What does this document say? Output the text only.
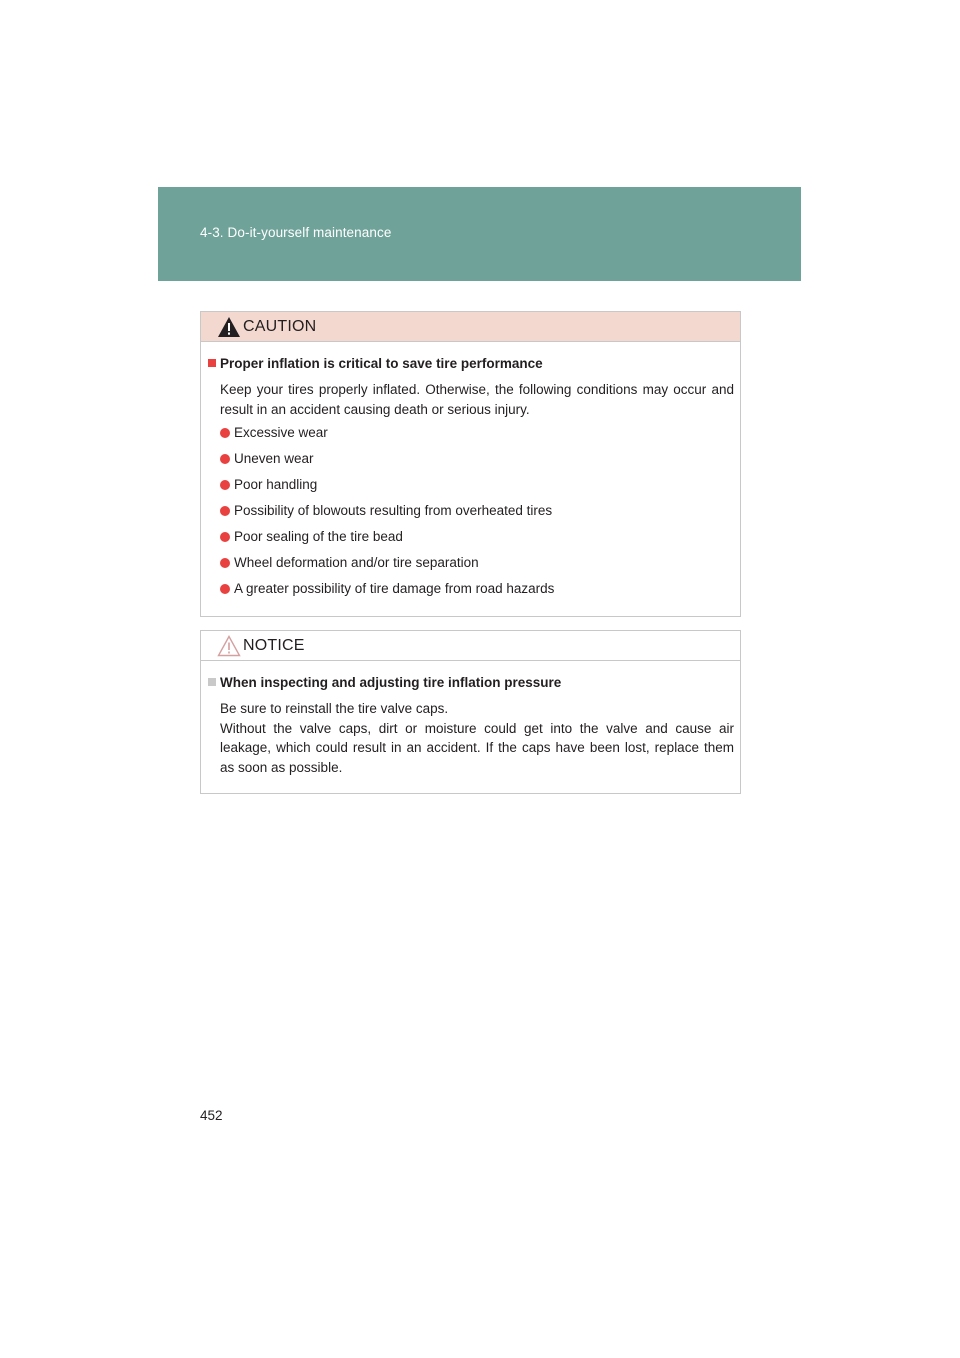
4-3. Do-it-yourself maintenance
CAUTION
Proper inflation is critical to save tire performance
Keep your tires properly inflated. Otherwise, the following conditions may occur and result in an accident causing death or serious injury.
Excessive wear
Uneven wear
Poor handling
Possibility of blowouts resulting from overheated tires
Poor sealing of the tire bead
Wheel deformation and/or tire separation
A greater possibility of tire damage from road hazards
NOTICE
When inspecting and adjusting tire inflation pressure
Be sure to reinstall the tire valve caps.
Without the valve caps, dirt or moisture could get into the valve and cause air leakage, which could result in an accident. If the caps have been lost, replace them as soon as possible.
452
